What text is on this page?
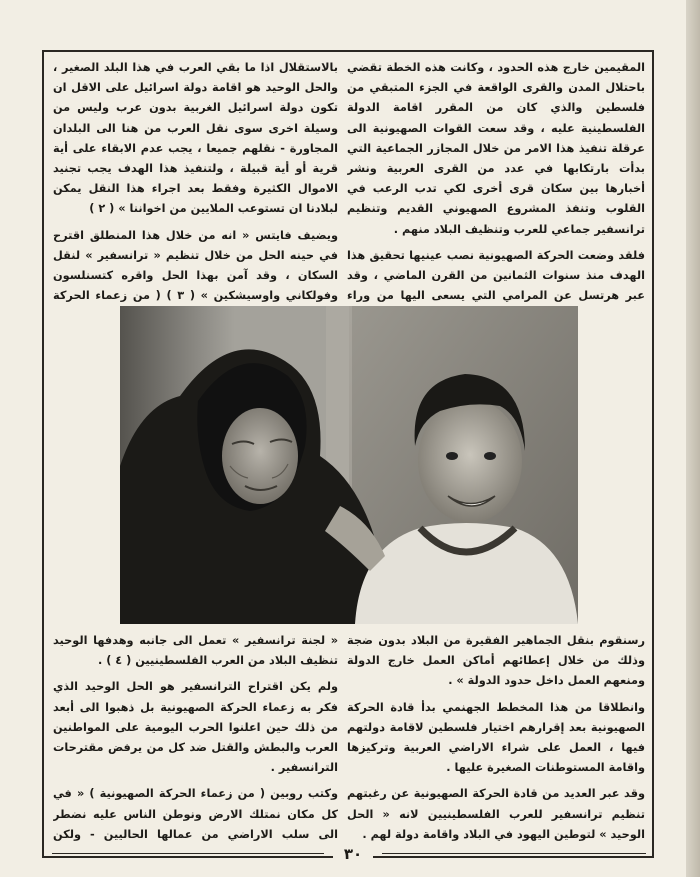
المقيمين خارج هذه الحدود ، وكانت هذه الخطة تقضي باحتلال المدن والقرى الواقعة في الجزء المتبقي من فلسطين والذي كان من المقرر اقامة الدولة الفلسطينية عليه ، وقد سعت القوات الصهيونية الى عرقلة تنفيذ هذا الامر من خلال المجازر الجماعية التي بدأت بارتكابها في عدد من القرى العربية ونشر أخبارها بين سكان قرى أخرى لكي تدب الرعب في القلوب وتنفذ المشروع الصهيوني القديم وتنظيم ترانسفير جماعي للعرب وتنظيف البلاد منهم .

فلقد وضعت الحركة الصهيونية نصب عينيها تحقيق هذا الهدف منذ سنوات الثمانين من القرن الماضي ، وقد عبر هرتسل عن المرامي التي يسعى اليها من وراء

بالاستقلال اذا ما بقي العرب في هذا البلد الصغير ، والحل الوحيد هو اقامة دولة اسرائيل على الاقل ان تكون دولة اسرائيل الغربية بدون عرب وليس من وسيلة اخرى سوى نقل العرب من هنا الى البلدان المجاورة - نقلهم جميعا ، يجب عدم الابقاء على أية قرية أو أية قبيلة ، ولتنفيذ هذا الهدف يجب تجنيد الاموال الكثيرة وفقط بعد اجراء هذا النقل يمكن لبلادنا ان تستوعب الملايين من اخواننا » ( ٢ )

ويضيف فايتس « انه من خلال هذا المنطلق اقترح في حينه الحل من خلال تنظيم « ترانسفير » لنقل السكان ، وقد آمن بهذا الحل واقره كتسنلسون وفولكاني واوسيشكين » ( ٣ ) ( من زعماء الحركة

رسنقوم بنقل الجماهير الفقيرة من البلاد بدون ضجة وذلك من خلال إعطائهم أماكن العمل خارج الدولة ومنعهم العمل داخل حدود الدولة » .

وانطلاقا من هذا المخطط الجهنمي بدأ قادة الحركة الصهيونية بعد إقرارهم اختيار فلسطين لاقامة دولتهم فيها ، العمل على شراء الاراضي العربية وتركيزها واقامة المستوطنات الصغيرة عليها .

وقد عبر العديد من قادة الحركة الصهيونية عن رغبتهم تنظيم ترانسفير للعرب الفلسطينيين لانه « الحل الوحيد » لتوطين اليهود في البلاد واقامة دولة لهم .

« لجنة ترانسفير » تعمل الى جانبه وهدفها الوحيد تنظيف البلاد من العرب الفلسطينيين ( ٤ ) .

ولم يكن اقتراح الترانسفير هو الحل الوحيد الذي فكر به زعماء الحركة الصهيونية بل ذهبوا الى أبعد من ذلك حين اعلنوا الحرب اليومية على المواطنين العرب والبطش والقتل ضد كل من يرفض مقترحات الترانسفير .

وكتب روبين ( من زعماء الحركة الصهيونية ) « في كل مكان نمتلك الارض ونوطن الناس عليه نضطر الى سلب الاراضي من عمالها الحاليين - ولكن

٣٠
